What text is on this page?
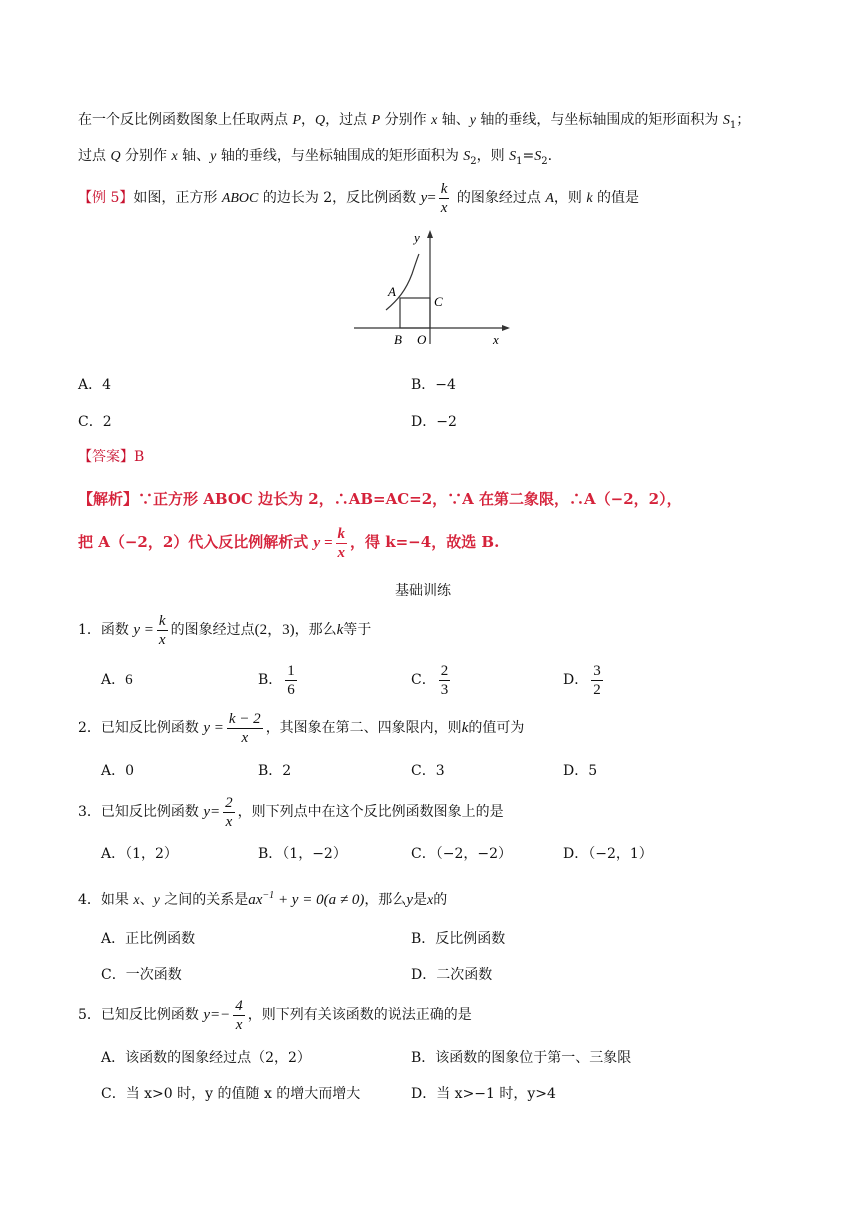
在一个反比例函数图象上任取两点 P，Q，过点 P 分别作 x 轴、y 轴的垂线，与坐标轴围成的矩形面积为 $S_1$；
过点 Q 分别作 x 轴、y 轴的垂线，与坐标轴围成的矩形面积为 $S_2$，则 $S_1=S_2$.
【例 5】如图，正方形 ABOC 的边长为 2，反比例函数 $y= \frac{k}{x}$ 的图象经过点 A，则 k 的值是
y
x
A
C
B O
A．4	B．−4
C．2	D．−2
【答案】B
【解析】∵正方形 ABOC 边长为 2，∴AB=AC=2，∵A 在第二象限，∴A（−2，2），
把 A（−2，2）代入反比例解析式 $y = \frac{k}{x}$ ，得 k=−4，故选 B.
基础训练
1．函数 $y = \frac{k}{x}$ 的图象经过点(2，3)，那么k等于
A．6	B． $\frac{1}{6}$	C． $\frac{2}{3}$	D． $\frac{3}{2}$
2．已知反比例函数 $y = \frac{k - 2}{x}$ ，其图象在第二、四象限内，则k的值可为
A．0	B．2	C．3	D．5
3．已知反比例函数 $y= \frac{2}{x}$ ，则下列点中在这个反比例函数图象上的是
A．（1，2）	B．（1，−2）	C．（−2，−2）	D．（−2，1）
4．如果 x、y 之间的关系是$ax^{-1} + y = 0(a \ne 0)$，那么y是x的
A．正比例函数	B．反比例函数
C．一次函数	D．二次函数
5．已知反比例函数 $y=- \frac{4}{x}$ ，则下列有关该函数的说法正确的是
A．该函数的图象经过点（2，2）	B．该函数的图象位于第一、三象限
C．当 x>0 时，y 的值随 x 的增大而增大	D．当 x>−1 时，y>4
